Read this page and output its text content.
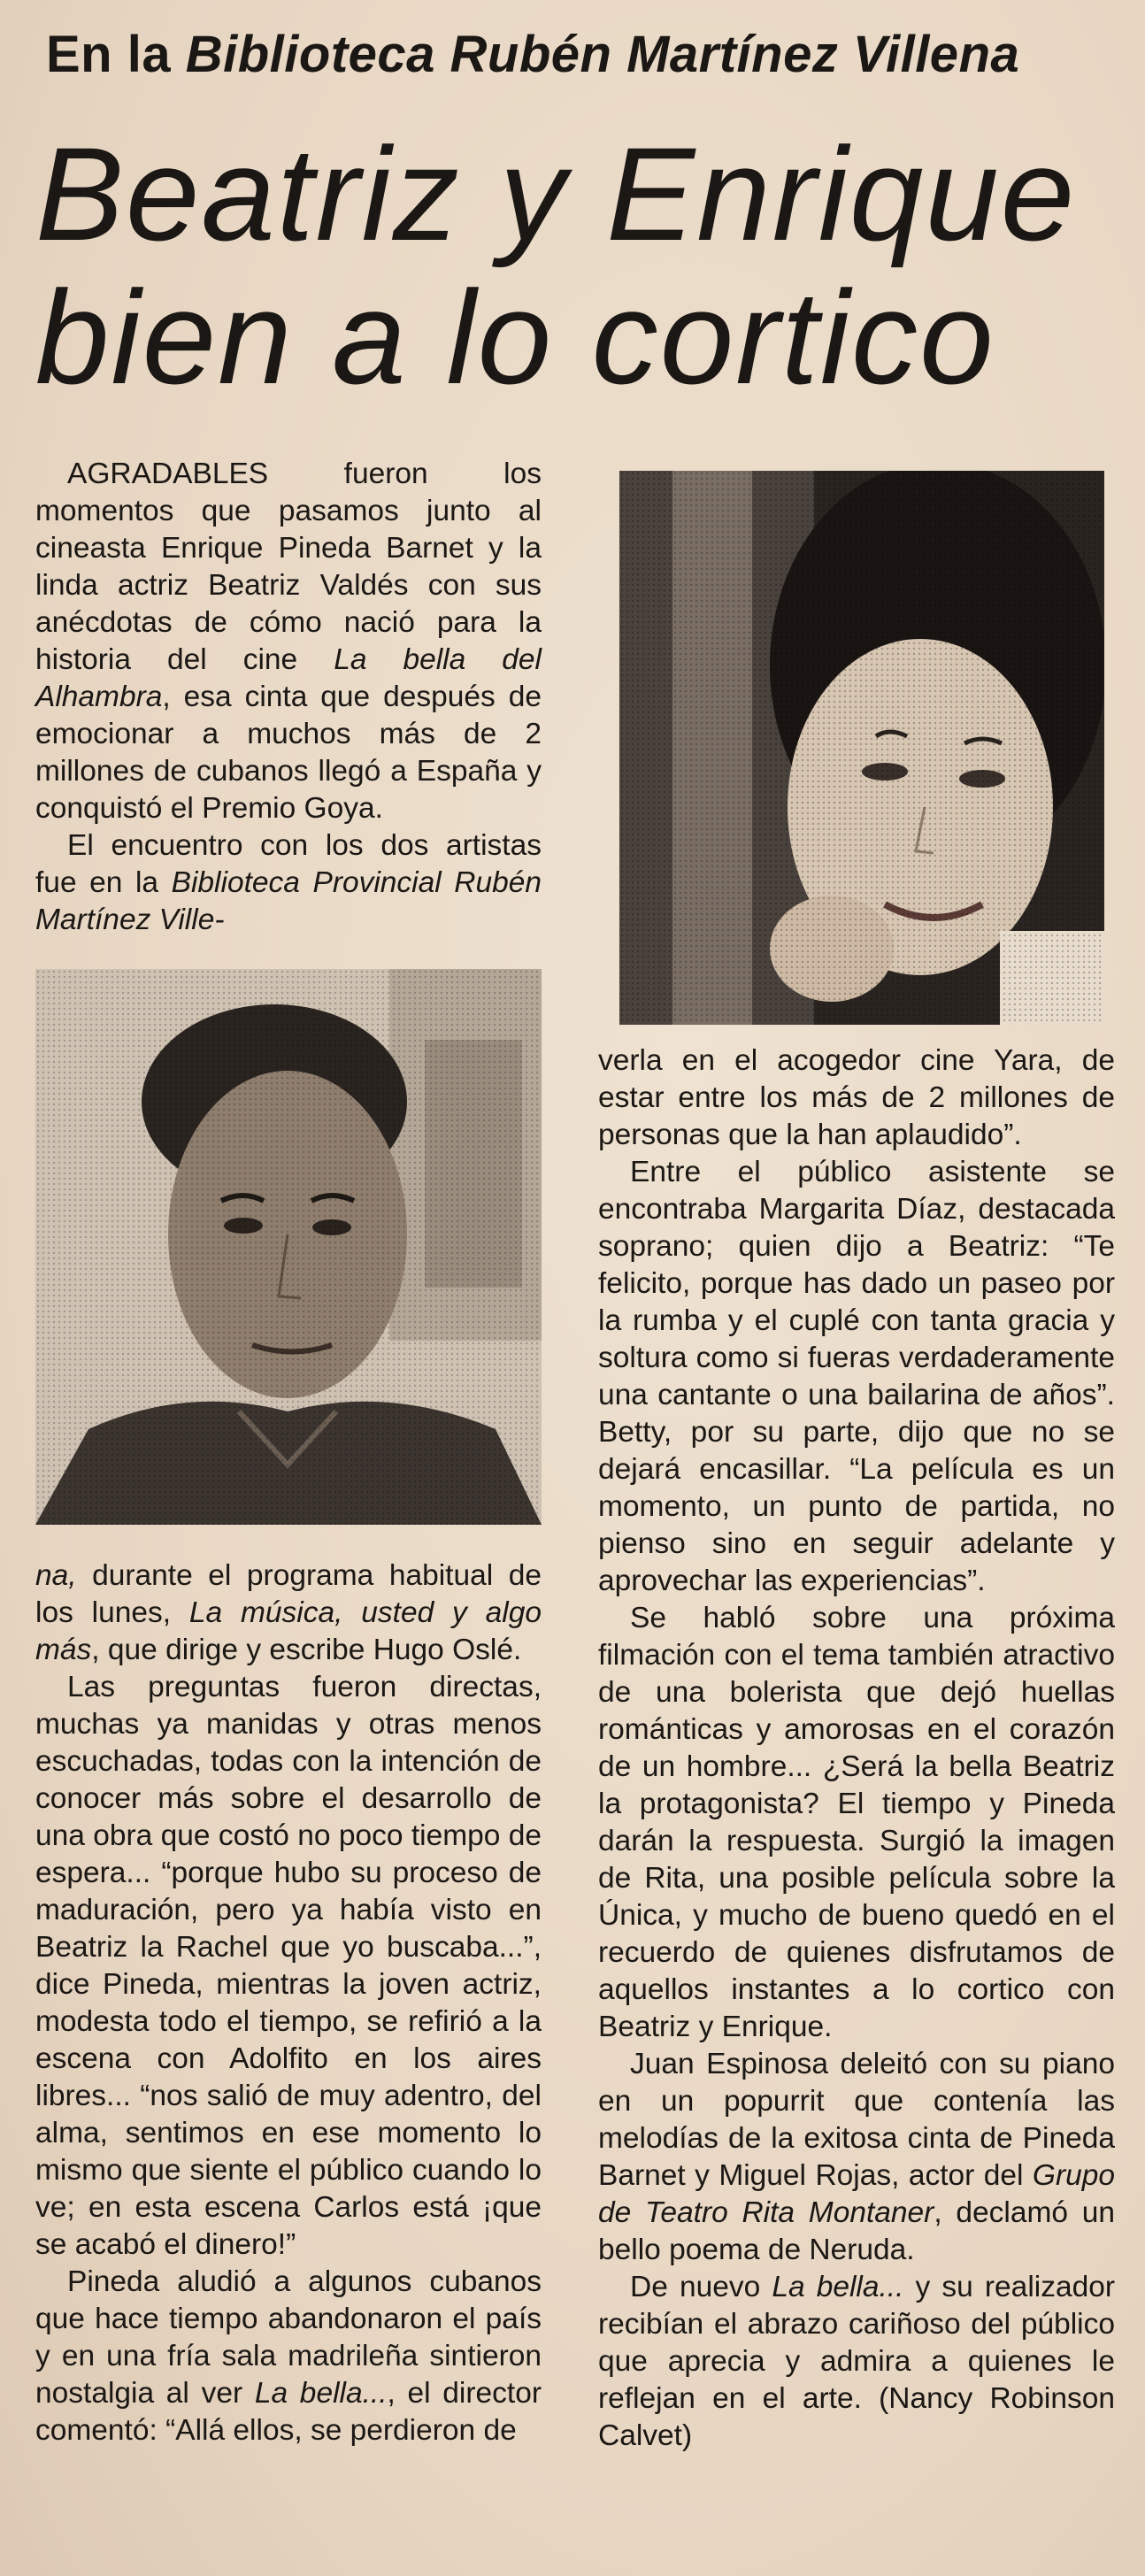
En la Biblioteca Rubén Martínez Villena
Beatriz y Enrique
bien a lo cortico

AGRADABLES	fueron los momentos que pasamos junto al cineasta Enrique Pineda Barnet y la linda actriz Beatriz Valdés con sus anécdotas de cómo nació para la historia del cine La bella del Alhambra, esa cinta que después de emocionar a muchos más de 2 millones de cubanos llegó a España y conquistó el Premio Goya.

El encuentro con los dos artistas fue en la Biblioteca Provincial Rubén Martínez Ville-

na, durante el programa habitual de los lunes, La música, usted y algo más, que dirige y escribe Hugo Oslé.

Las preguntas fueron directas, muchas ya manidas y otras menos escuchadas, todas con la intención de conocer más sobre el desarrollo de una obra que costó no poco tiempo de espera... “porque hubo su proceso de maduración, pero ya había visto en Beatriz la Rachel que yo buscaba...”, dice Pineda, mientras la joven actriz, modesta todo el tiempo, se refirió a la escena con Adolfito en los aires libres... “nos salió de muy adentro, del alma, sentimos en ese momento lo mismo que siente el público cuando lo ve; en esta escena Carlos está ¡que se acabó el dinero!”

Pineda aludió a algunos cubanos que hace tiempo abandonaron el país y en una fría sala madrileña sintieron nostalgia al ver La bella..., el director comentó: “Allá ellos, se perdieron de

verla en el acogedor cine Yara, de estar entre los más de 2 millones de personas que la han aplaudido”.

Entre el público asistente se encontraba Margarita Díaz, destacada soprano; quien dijo a Beatriz: “Te felicito, porque has dado un paseo por la rumba y el cuplé con tanta gracia y soltura como si fueras verdaderamente una cantante o una bailarina de años”. Betty, por su parte, dijo que no se dejará encasillar. “La película es un momento, un punto de partida, no pienso sino en seguir adelante y aprovechar las experiencias”.

Se habló sobre una próxima filmación con el tema también atractivo de una bolerista que dejó huellas románticas y amorosas en el corazón de un hombre... ¿Será la bella Beatriz la protagonista? El tiempo y Pineda darán la respuesta. Surgió la imagen de Rita, una posible película sobre la Única, y mucho de bueno quedó en el recuerdo de quienes disfrutamos de aquellos instantes a lo cortico con Beatriz y Enrique.

Juan Espinosa deleitó con su piano en un popurrit que contenía las melodías de la exitosa cinta de Pineda Barnet y Miguel Rojas, actor del Grupo de Teatro Rita Montaner, declamó un bello poema de Neruda.

De nuevo La bella... y su realizador recibían el abrazo cariñoso del público que aprecia y admira a quienes le reflejan en el arte. (Nancy Robinson Calvet)
